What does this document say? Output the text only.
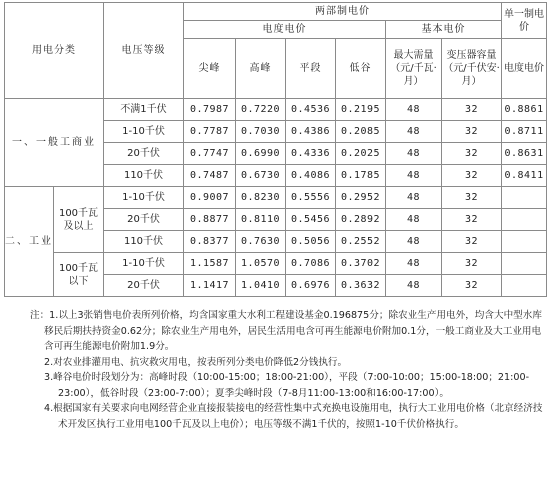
用电分类		电压等级	两部制电价						单一制电价
			电度电价				基本电价		
			尖峰	高峰	平段	低谷	最大需量（元/千瓦·月）	变压器容量（元/千伏安·月）	电度电价
一、一般工商业		不满1千伏	0.7987	0.7220	0.4536	0.2195	48	32	0.8861
		1-10千伏	0.7787	0.7030	0.4386	0.2085	48	32	0.8711
		20千伏	0.7747	0.6990	0.4336	0.2025	48	32	0.8631
		110千伏	0.7487	0.6730	0.4086	0.1785	48	32	0.8411
二、工业	100千瓦及以上	1-10千伏	0.9007	0.8230	0.5556	0.2952	48	32	
		20千伏	0.8877	0.8110	0.5456	0.2892	48	32	
		110千伏	0.8377	0.7630	0.5056	0.2552	48	32	
	100千瓦以下	1-10千伏	1.1587	1.0570	0.7086	0.3702	48	32	
		20千伏	1.1417	1.0410	0.6976	0.3632	48	32	

注：1.以上3张销售电价表所列价格，均含国家重大水利工程建设基金0.196875分；除农业生产用电外，均含大中型水库移民后期扶持资金0.62分；除农业生产用电外，居民生活用电含可再生能源电价附加0.1分，一般工商业及大工业用电含可再生能源电价附加1.9分。

2.对农业排灌用电、抗灾救灾用电，按表所列分类电价降低2分钱执行。

3.峰谷电价时段划分为：高峰时段（10:00-15:00；18:00-21:00），平段（7:00-10:00；15:00-18:00；21:00-23:00），低谷时段（23:00-7:00）；夏季尖峰时段（7-8月11:00-13:00和16:00-17:00）。

4.根据国家有关要求向电网经营企业直接报装接电的经营性集中式充换电设施用电，执行大工业用电价格（北京经济技术开发区执行工业用电100千瓦及以上电价）；电压等级不满1千伏的，按照1-10千伏价格执行。
